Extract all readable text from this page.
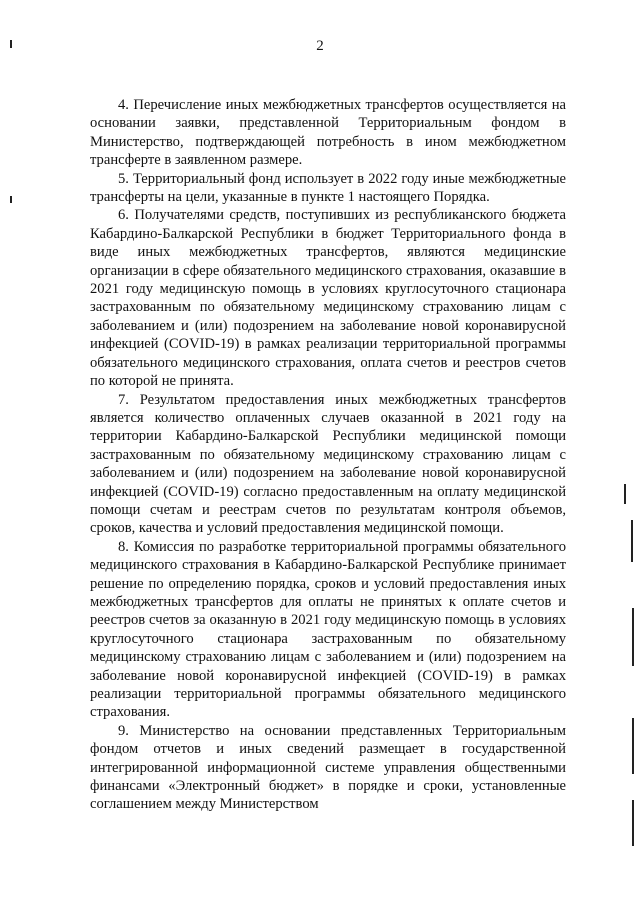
2

4. Перечисление иных межбюджетных трансфертов осуществляется на основании заявки, представленной Территориальным фондом в Министерство, подтверждающей потребность в ином межбюджетном трансферте в заявленном размере.

5. Территориальный фонд использует в 2022 году иные межбюджетные трансферты на цели, указанные в пункте 1 настоящего Порядка.

6. Получателями средств, поступивших из республиканского бюджета Кабардино-Балкарской Республики в бюджет Территориального фонда в виде иных межбюджетных трансфертов, являются медицинские организации в сфере обязательного медицинского страхования, оказавшие в 2021 году медицинскую помощь в условиях круглосуточного стационара застрахованным по обязательному медицинскому страхованию лицам с заболеванием и (или) подозрением на заболевание новой коронавирусной инфекцией (COVID-19) в рамках реализации территориальной программы обязательного медицинского страхования, оплата счетов и реестров счетов по которой не принята.

7. Результатом предоставления иных межбюджетных трансфертов является количество оплаченных случаев оказанной в 2021 году на территории Кабардино-Балкарской Республики медицинской помощи застрахованным по обязательному медицинскому страхованию лицам с заболеванием и (или) подозрением на заболевание новой коронавирусной инфекцией (COVID-19) согласно предоставленным на оплату медицинской помощи счетам и реестрам счетов по результатам контроля объемов, сроков, качества и условий предоставления медицинской помощи.

8. Комиссия по разработке территориальной программы обязательного медицинского страхования в Кабардино-Балкарской Республике принимает решение по определению порядка, сроков и условий предоставления иных межбюджетных трансфертов для оплаты не принятых к оплате счетов и реестров счетов за оказанную в 2021 году медицинскую помощь в условиях круглосуточного стационара застрахованным по обязательному медицинскому страхованию лицам с заболеванием и (или) подозрением на заболевание новой коронавирусной инфекцией (COVID-19) в рамках реализации территориальной программы обязательного медицинского страхования.

9. Министерство на основании представленных Территориальным фондом отчетов и иных сведений размещает в государственной интегрированной информационной системе управления общественными финансами «Электронный бюджет» в порядке и сроки, установленные соглашением между Министерством
